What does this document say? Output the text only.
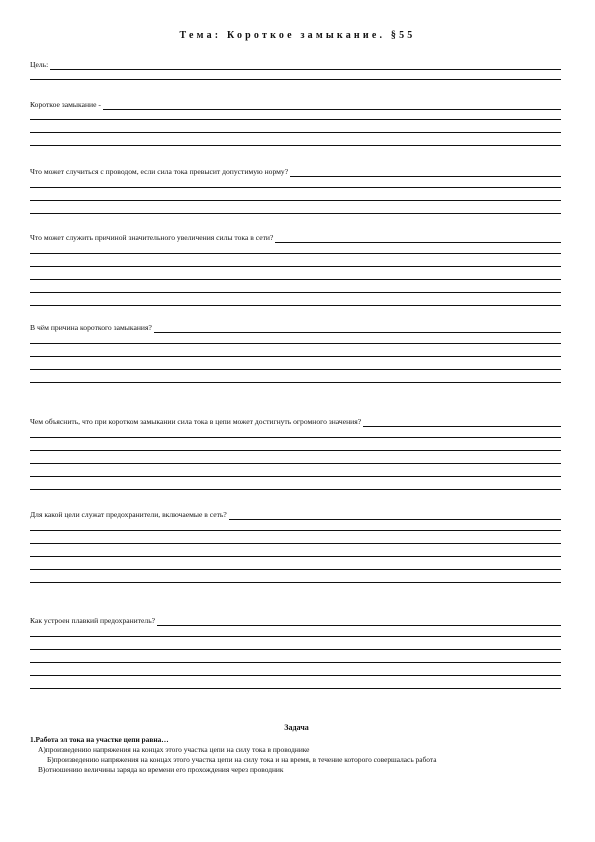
Тема: Короткое замыкание. §55
Цель:
Короткое замыкание -
Что может случиться с проводом, если сила тока превысит допустимую норму?
Что может служить причиной значительного увеличения силы тока в сети?
В чём причина короткого замыкания?
Чем объяснить, что при коротком замыкании сила тока в цепи может достигнуть огромного значения?
Для какой цели служат предохранители, включаемые в сеть?
Как устроен плавкий предохранитель?
Задача
1.Работа эл тока на участке цепи равна…
А)произведению напряжения на концах этого участка цепи на силу тока в проводнике
Б)произведению напряжения на концах этого участка цепи на силу тока и на время, в течение которого совершалась работа
В)отношению величины заряда ко времени его прохождения через проводник
